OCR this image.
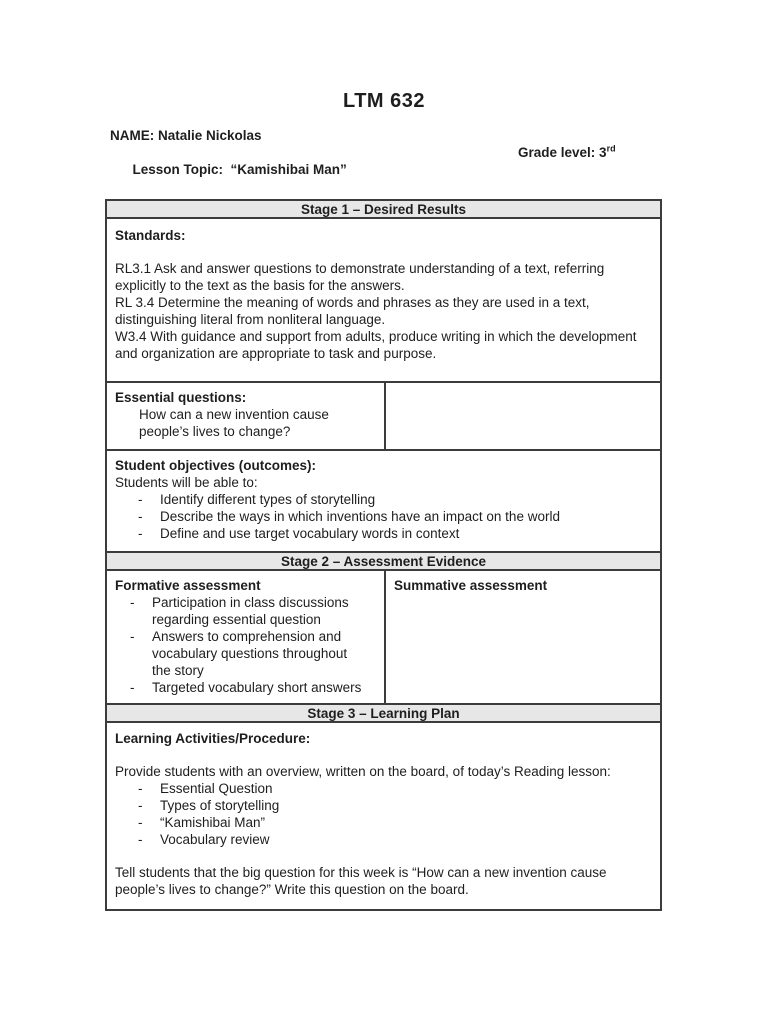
LTM 632
NAME: Natalie Nickolas

Lesson Topic:  “Kamishibai Man”

Grade level: 3rd

Stage 1 – Desired Results
Standards:
RL3.1 Ask and answer questions to demonstrate understanding of a text, referring explicitly to the text as the basis for the answers.
RL 3.4 Determine the meaning of words and phrases as they are used in a text, distinguishing literal from nonliteral language.
W3.4 With guidance and support from adults, produce writing in which the development and organization are appropriate to task and purpose.
Essential questions:
How can a new invention cause people’s lives to change?
Student objectives (outcomes):
Students will be able to:
-	Identify different types of storytelling
-	Describe the ways in which inventions have an impact on the world
-	Define and use target vocabulary words in context
Stage 2 – Assessment Evidence
Formative assessment
-	Participation in class discussions regarding essential question
-	Answers to comprehension and vocabulary questions throughout the story
-	Targeted vocabulary short answers
Summative assessment
Stage 3 – Learning Plan
Learning Activities/Procedure:
Provide students with an overview, written on the board, of today’s Reading lesson:
-	Essential Question
-	Types of storytelling
-	“Kamishibai Man”
-	Vocabulary review
Tell students that the big question for this week is “How can a new invention cause people’s lives to change?” Write this question on the board.
